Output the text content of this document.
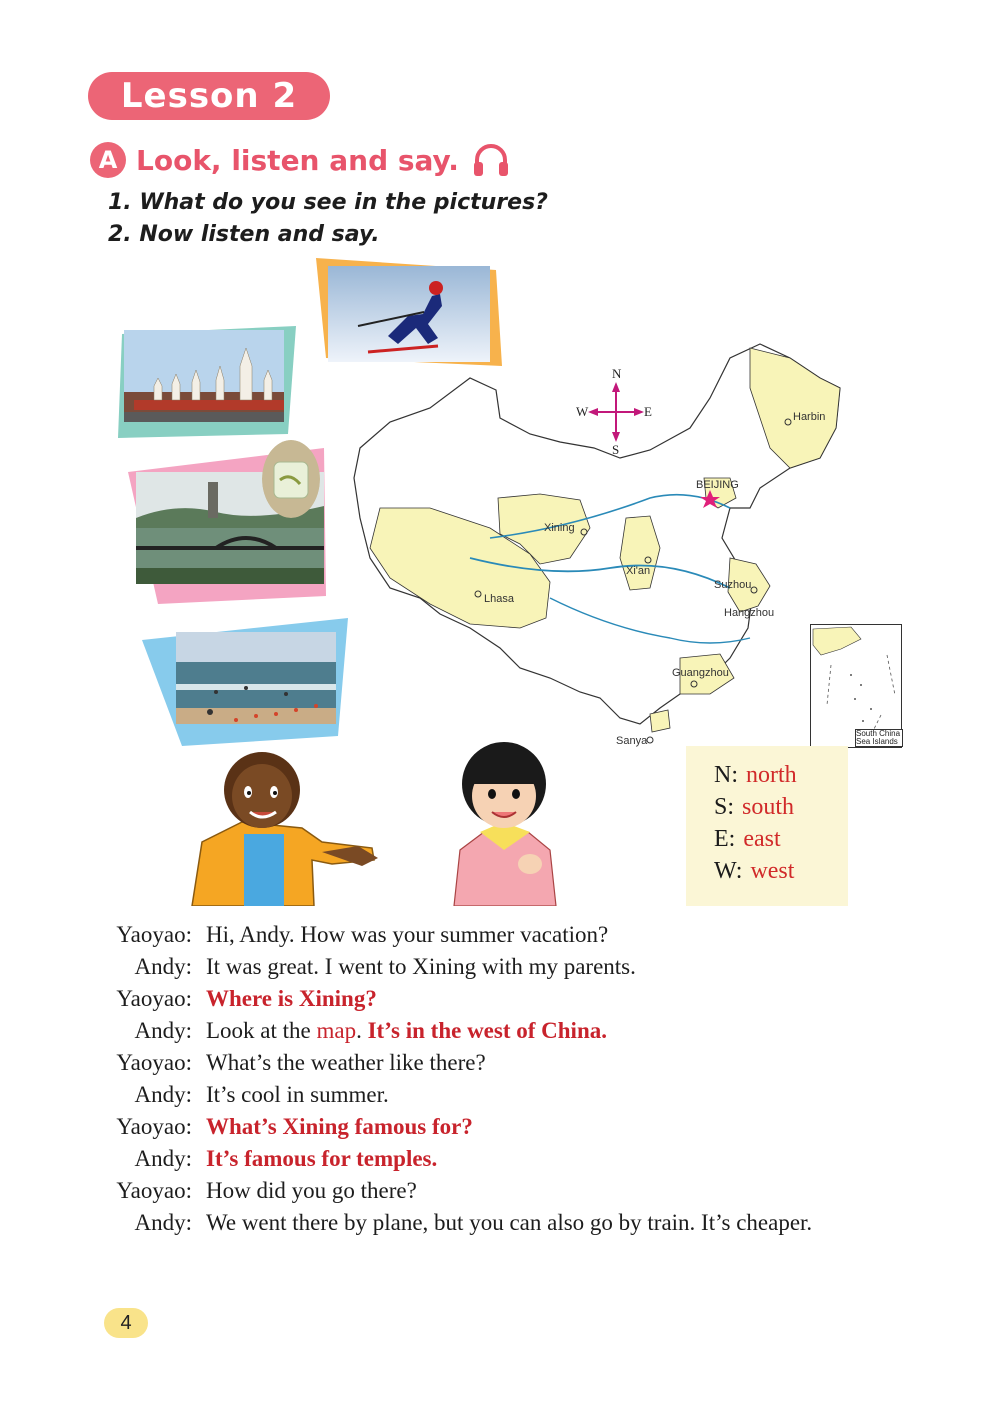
Lesson 2
A Look, listen and say.
1. What do you see in the pictures?
2. Now listen and say.
N
S
W	E	Harbin
BEIJING
Xining
Xi'an
Lhasa
Suzhou
Hangzhou
Guangzhou
Sanya
South China Sea Islands
N: north
S: south
E: east
W: west
Yaoyao: Hi, Andy. How was your summer vacation?
Andy: It was great. I went to Xining with my parents.
Yaoyao: Where is Xining?
Andy: Look at the map. It’s in the west of China.
Yaoyao: What’s the weather like there?
Andy: It’s cool in summer.
Yaoyao: What’s Xining famous for?
Andy: It’s famous for temples.
Yaoyao: How did you go there?
Andy: We went there by plane, but you can also go by train. It’s cheaper.
4
